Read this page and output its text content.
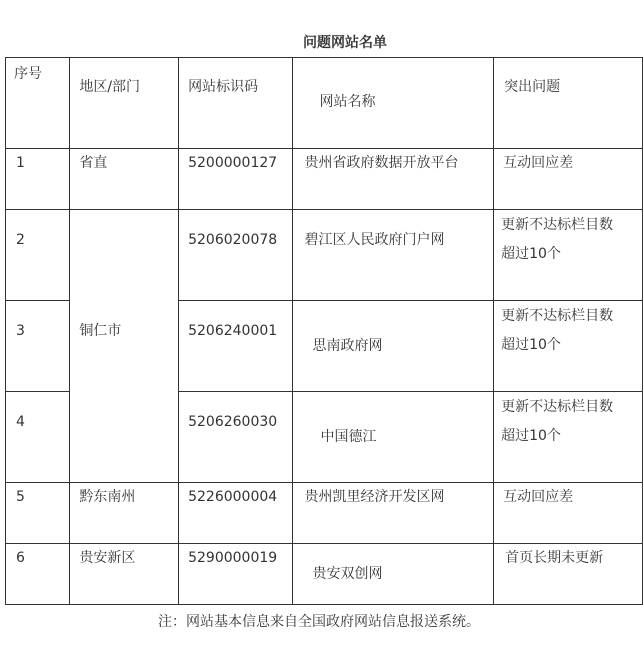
问题网站名单
序号	地区/部门	网站标识码	网站名称	突出问题

1	省直	5200000127	贵州省政府数据开放平台	互动回应差

2	铜仁市	5206020078	碧江区人民政府门户网	更新不达标栏目数
超过10个

3		5206240001	思南政府网	更新不达标栏目数
超过10个

4		5206260030	中国德江	更新不达标栏目数
超过10个

5	黔东南州	5226000004	贵州凯里经济开发区网	互动回应差

6	贵安新区	5290000019	贵安双创网	首页长期未更新
注：网站基本信息来自全国政府网站信息报送系统。
